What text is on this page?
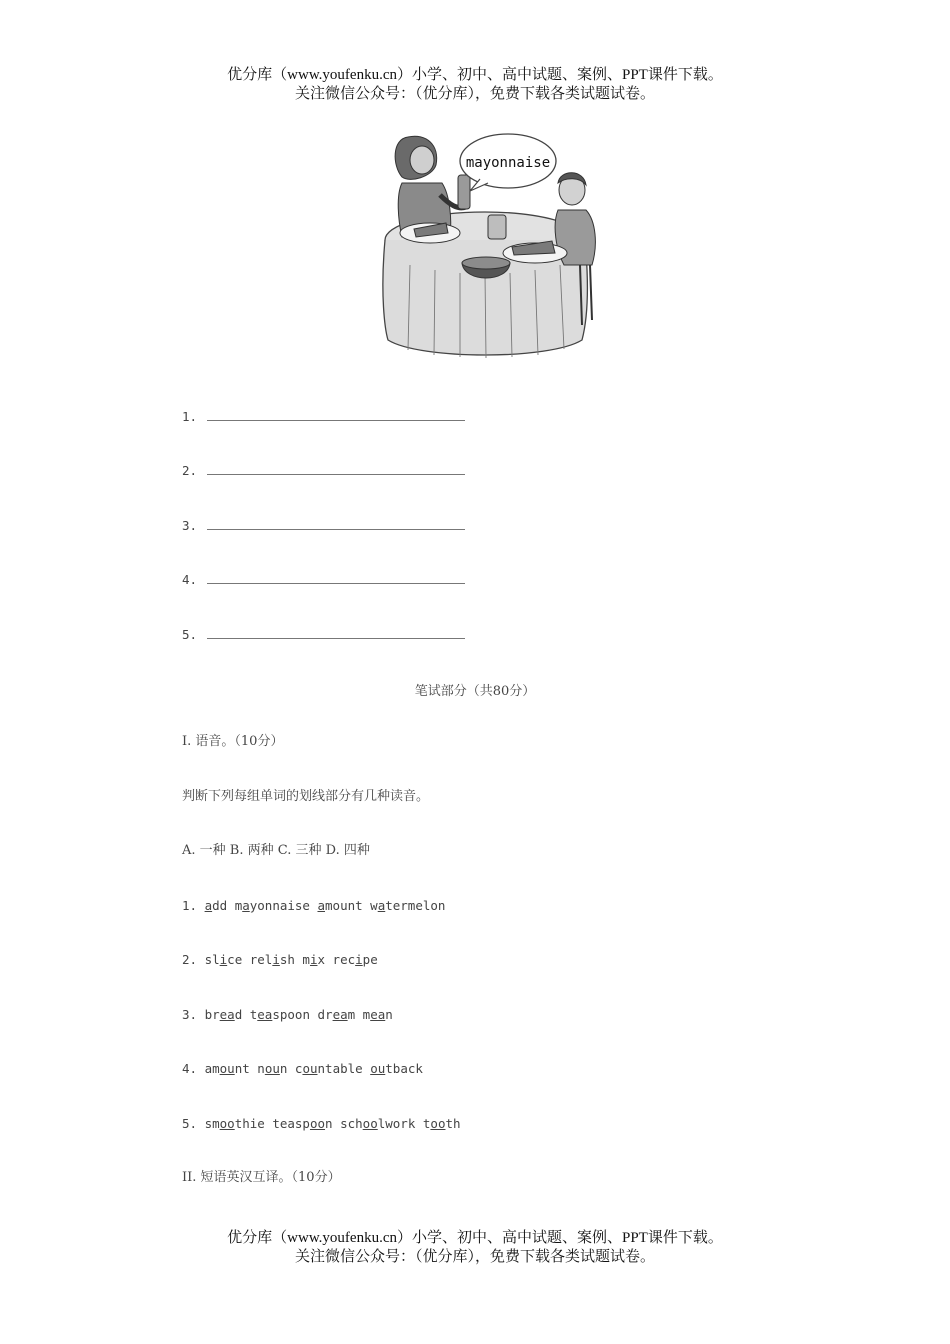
优分库（www.youfenku.cn）小学、初中、高中试题、案例、PPT课件下载。
关注微信公众号：（优分库），免费下载各类试题试卷。
mayonnaise
1.
2.
3.
4.
5.
笔试部分（共80分）
I. 语音。（10分）
判断下列每组单词的划线部分有几种读音。
A. 一种 B. 两种 C. 三种 D. 四种
1. add mayonnaise amount watermelon
2. slice relish mix recipe
3. bread teaspoon dream mean
4. amount noun countable outback
5. smoothie teaspoon schoolwork tooth
II. 短语英汉互译。（10分）
优分库（www.youfenku.cn）小学、初中、高中试题、案例、PPT课件下载。
关注微信公众号：（优分库），免费下载各类试题试卷。
